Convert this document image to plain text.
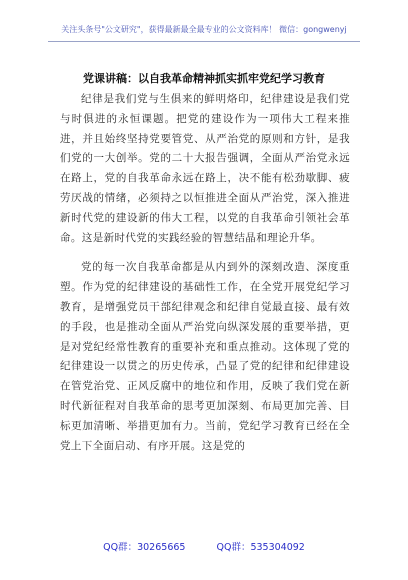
关注头条号"公文研究"，获得最新最全最专业的公文资料库！ 微信：gongwenyj
党课讲稿：以自我革命精神抓实抓牢党纪学习教育

纪律是我们党与生俱来的鲜明烙印，纪律建设是我们党与时俱进的永恒课题。把党的建设作为一项伟大工程来推进，并且始终坚持党要管党、从严治党的原则和方针，是我们党的一大创举。党的二十大报告强调，全面从严治党永远在路上，党的自我革命永远在路上，决不能有松劲歇脚、疲劳厌战的情绪，必须持之以恒推进全面从严治党，深入推进新时代党的建设新的伟大工程，以党的自我革命引领社会革命。这是新时代党的实践经验的智慧结晶和理论升华。

党的每一次自我革命都是从内到外的深刻改造、深度重塑。作为党的纪律建设的基础性工作，在全党开展党纪学习教育，是增强党员干部纪律观念和纪律自觉最直接、最有效的手段，也是推动全面从严治党向纵深发展的重要举措，更是对党纪经常性教育的重要补充和重点推动。这体现了党的纪律建设一以贯之的历史传承，凸显了党的纪律和纪律建设在管党治党、正风反腐中的地位和作用，反映了我们党在新时代新征程对自我革命的思考更加深刻、布局更加完善、目标更加清晰、举措更加有力。当前，党纪学习教育已经在全党上下全面启动、有序开展。这是党的

QQ群：30265665	QQ群：535304092
